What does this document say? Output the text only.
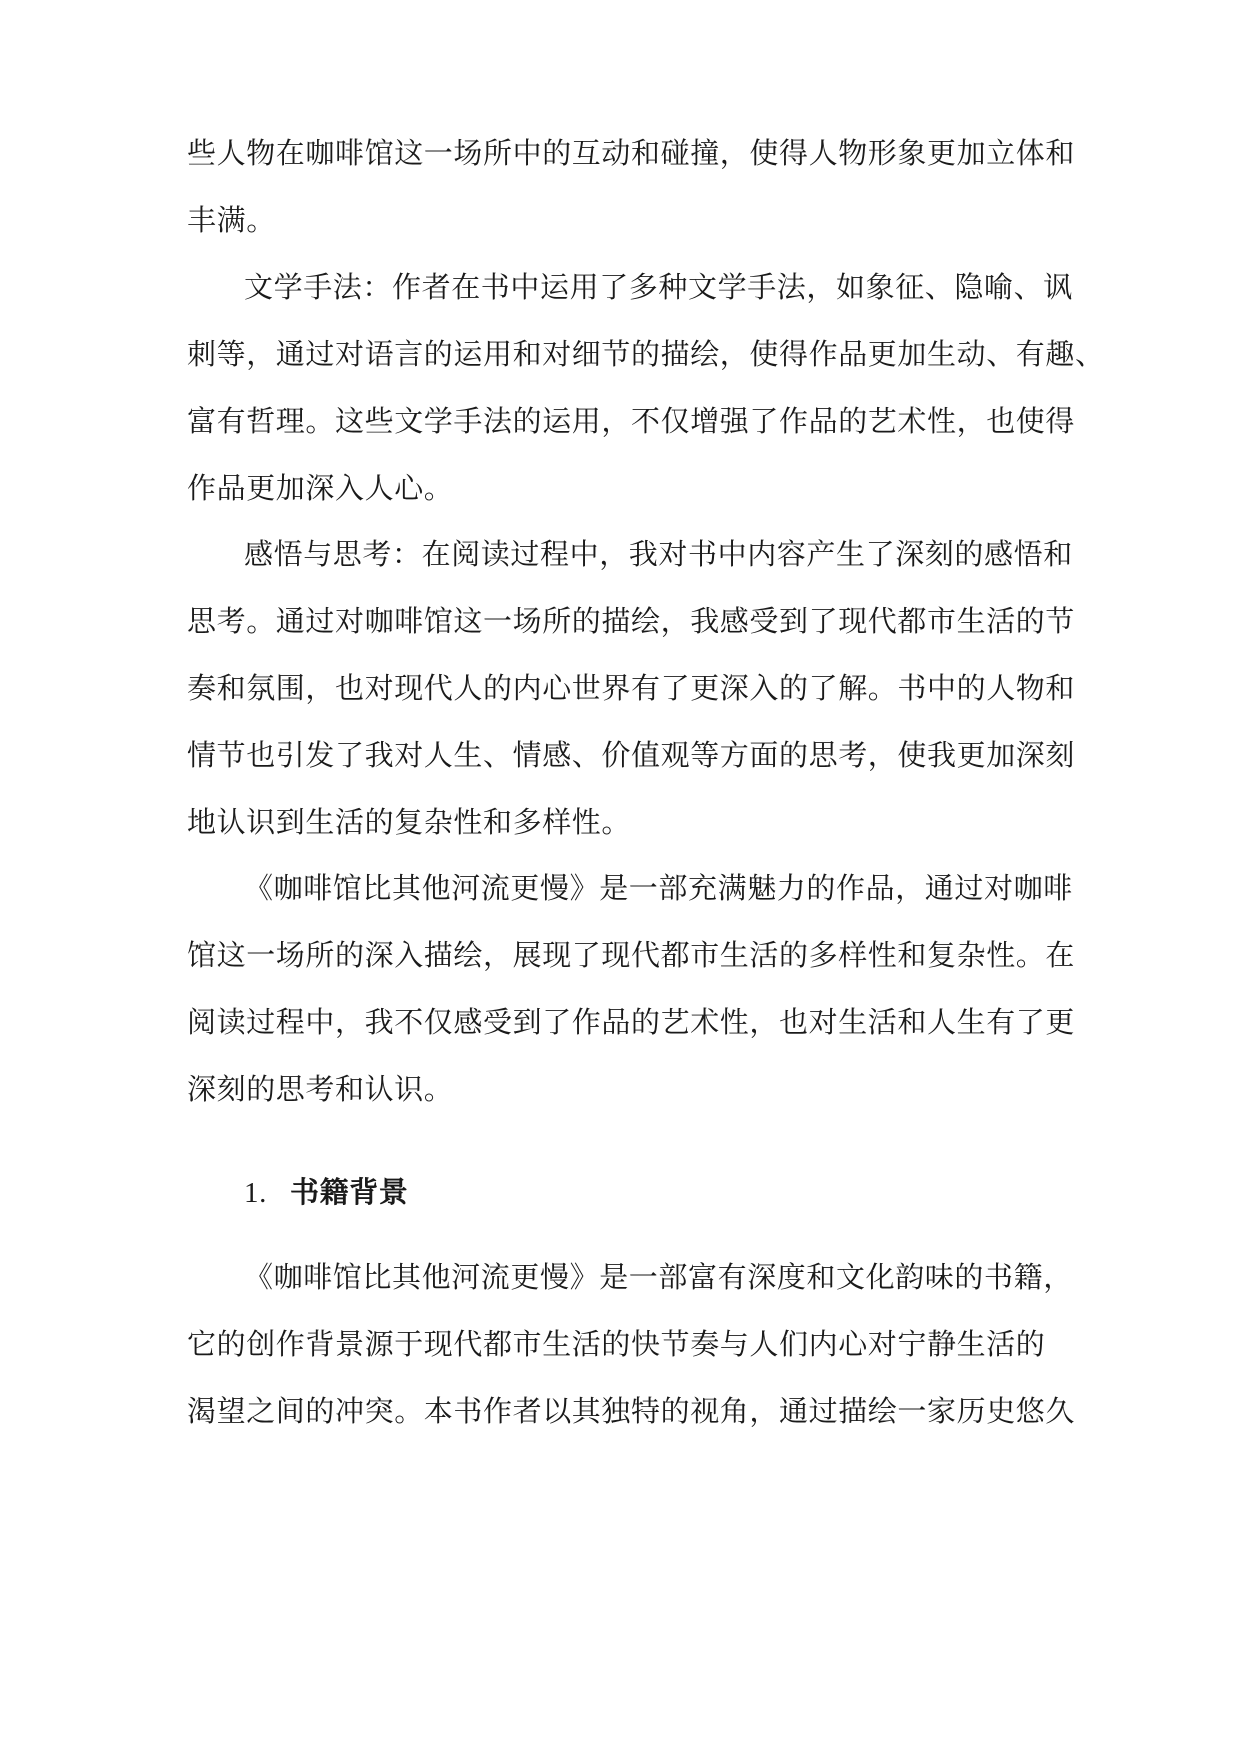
些人物在咖啡馆这一场所中的互动和碰撞，使得人物形象更加立体和
丰满。
文学手法：作者在书中运用了多种文学手法，如象征、隐喻、讽
刺等，通过对语言的运用和对细节的描绘，使得作品更加生动、有趣、
富有哲理。这些文学手法的运用，不仅增强了作品的艺术性，也使得
作品更加深入人心。
感悟与思考：在阅读过程中，我对书中内容产生了深刻的感悟和
思考。通过对咖啡馆这一场所的描绘，我感受到了现代都市生活的节
奏和氛围，也对现代人的内心世界有了更深入的了解。书中的人物和
情节也引发了我对人生、情感、价值观等方面的思考，使我更加深刻
地认识到生活的复杂性和多样性。
《咖啡馆比其他河流更慢》是一部充满魅力的作品，通过对咖啡
馆这一场所的深入描绘，展现了现代都市生活的多样性和复杂性。在
阅读过程中，我不仅感受到了作品的艺术性，也对生活和人生有了更
深刻的思考和认识。
1. 书籍背景
《咖啡馆比其他河流更慢》是一部富有深度和文化韵味的书籍，
它的创作背景源于现代都市生活的快节奏与人们内心对宁静生活的
渴望之间的冲突。本书作者以其独特的视角，通过描绘一家历史悠久
